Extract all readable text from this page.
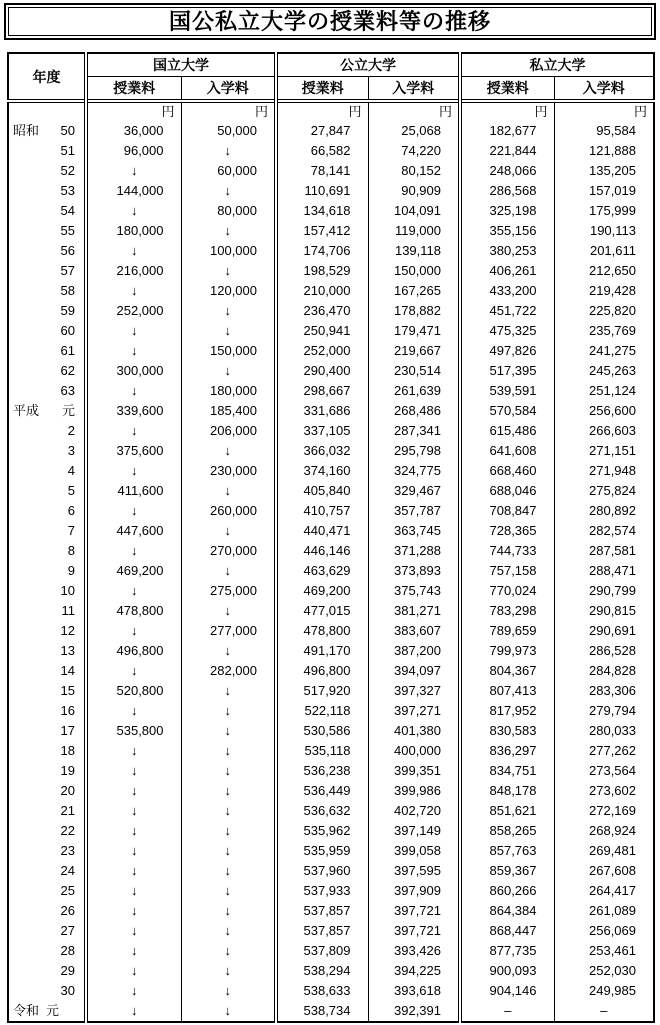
国公私立大学の授業料等の推移
年度	国立大学		公立大学		私立大学	
	授業料	入学料	授業料	入学料	授業料	入学料
	円	円	円	円	円	円

昭和 50	36,000	50,000	27,847	25,068	182,677	95,584

51	96,000	↓	66,582	74,220	221,844	121,888

52	↓	60,000	78,141	80,152	248,066	135,205

53	144,000	↓	110,691	90,909	286,568	157,019

54	↓	80,000	134,618	104,091	325,198	175,999

55	180,000	↓	157,412	119,000	355,156	190,113

56	↓	100,000	174,706	139,118	380,253	201,611

57	216,000	↓	198,529	150,000	406,261	212,650

58	↓	120,000	210,000	167,265	433,200	219,428

59	252,000	↓	236,470	178,882	451,722	225,820

60	↓	↓	250,941	179,471	475,325	235,769

61	↓	150,000	252,000	219,667	497,826	241,275

62	300,000	↓	290,400	230,514	517,395	245,263

63	↓	180,000	298,667	261,639	539,591	251,124

平成 元	339,600	185,400	331,686	268,486	570,584	256,600

2	↓	206,000	337,105	287,341	615,486	266,603

3	375,600	↓	366,032	295,798	641,608	271,151

4	↓	230,000	374,160	324,775	668,460	271,948

5	411,600	↓	405,840	329,467	688,046	275,824

6	↓	260,000	410,757	357,787	708,847	280,892

7	447,600	↓	440,471	363,745	728,365	282,574

8	↓	270,000	446,146	371,288	744,733	287,581

9	469,200	↓	463,629	373,893	757,158	288,471

10	↓	275,000	469,200	375,743	770,024	290,799

11	478,800	↓	477,015	381,271	783,298	290,815

12	↓	277,000	478,800	383,607	789,659	290,691

13	496,800	↓	491,170	387,200	799,973	286,528

14	↓	282,000	496,800	394,097	804,367	284,828

15	520,800	↓	517,920	397,327	807,413	283,306

16	↓	↓	522,118	397,271	817,952	279,794

17	535,800	↓	530,586	401,380	830,583	280,033

18	↓	↓	535,118	400,000	836,297	277,262

19	↓	↓	536,238	399,351	834,751	273,564

20	↓	↓	536,449	399,986	848,178	273,602

21	↓	↓	536,632	402,720	851,621	272,169

22	↓	↓	535,962	397,149	858,265	268,924

23	↓	↓	535,959	399,058	857,763	269,481

24	↓	↓	537,960	397,595	859,367	267,608

25	↓	↓	537,933	397,909	860,266	264,417

26	↓	↓	537,857	397,721	864,384	261,089

27	↓	↓	537,857	397,721	868,447	256,069

28	↓	↓	537,809	393,426	877,735	253,461

29	↓	↓	538,294	394,225	900,093	252,030

30	↓	↓	538,633	393,618	904,146	249,985

令和 元	↓	↓	538,734	392,391	–	–
